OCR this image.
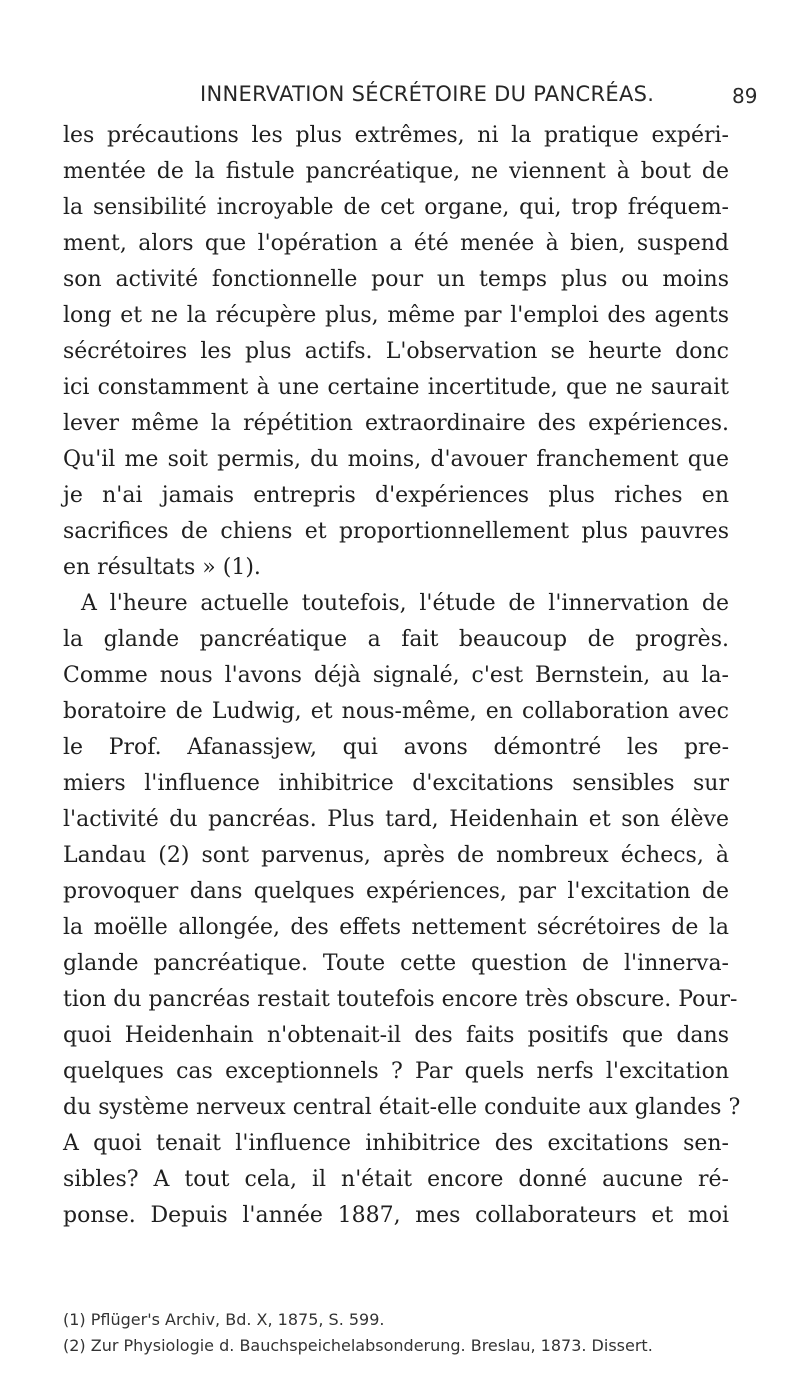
INNERVATION SÉCRÉTOIRE DU PANCRÉAS.	89
les précautions les plus extrêmes, ni la pratique expéri-
mentée de la fistule pancréatique, ne viennent à bout de
la sensibilité incroyable de cet organe, qui, trop fréquem-
ment, alors que l'opération a été menée à bien, suspend
son activité fonctionnelle pour un temps plus ou moins
long et ne la récupère plus, même par l'emploi des agents
sécrétoires les plus actifs. L'observation se heurte donc
ici constamment à une certaine incertitude, que ne saurait
lever même la répétition extraordinaire des expériences.
Qu'il me soit permis, du moins, d'avouer franchement que
je n'ai jamais entrepris d'expériences plus riches en
sacrifices de chiens et proportionnellement plus pauvres
en résultats » (1).
A l'heure actuelle toutefois, l'étude de l'innervation de
la glande pancréatique a fait beaucoup de progrès.
Comme nous l'avons déjà signalé, c'est Bernstein, au la-
boratoire de Ludwig, et nous-même, en collaboration avec
le Prof. Afanassjew, qui avons démontré les pre-
miers l'influence inhibitrice d'excitations sensibles sur
l'activité du pancréas. Plus tard, Heidenhain et son élève
Landau (2) sont parvenus, après de nombreux échecs, à
provoquer dans quelques expériences, par l'excitation de
la moëlle allongée, des effets nettement sécrétoires de la
glande pancréatique. Toute cette question de l'innerva-
tion du pancréas restait toutefois encore très obscure. Pour-
quoi Heidenhain n'obtenait-il des faits positifs que dans
quelques cas exceptionnels ? Par quels nerfs l'excitation
du système nerveux central était-elle conduite aux glandes ?
A quoi tenait l'influence inhibitrice des excitations sen-
sibles? A tout cela, il n'était encore donné aucune ré-
ponse. Depuis l'année 1887, mes collaborateurs et moi
(1) Pflüger's Archiv, Bd. X, 1875, S. 599.
(2) Zur Physiologie d. Bauchspeichelabsonderung. Breslau, 1873. Dissert.
